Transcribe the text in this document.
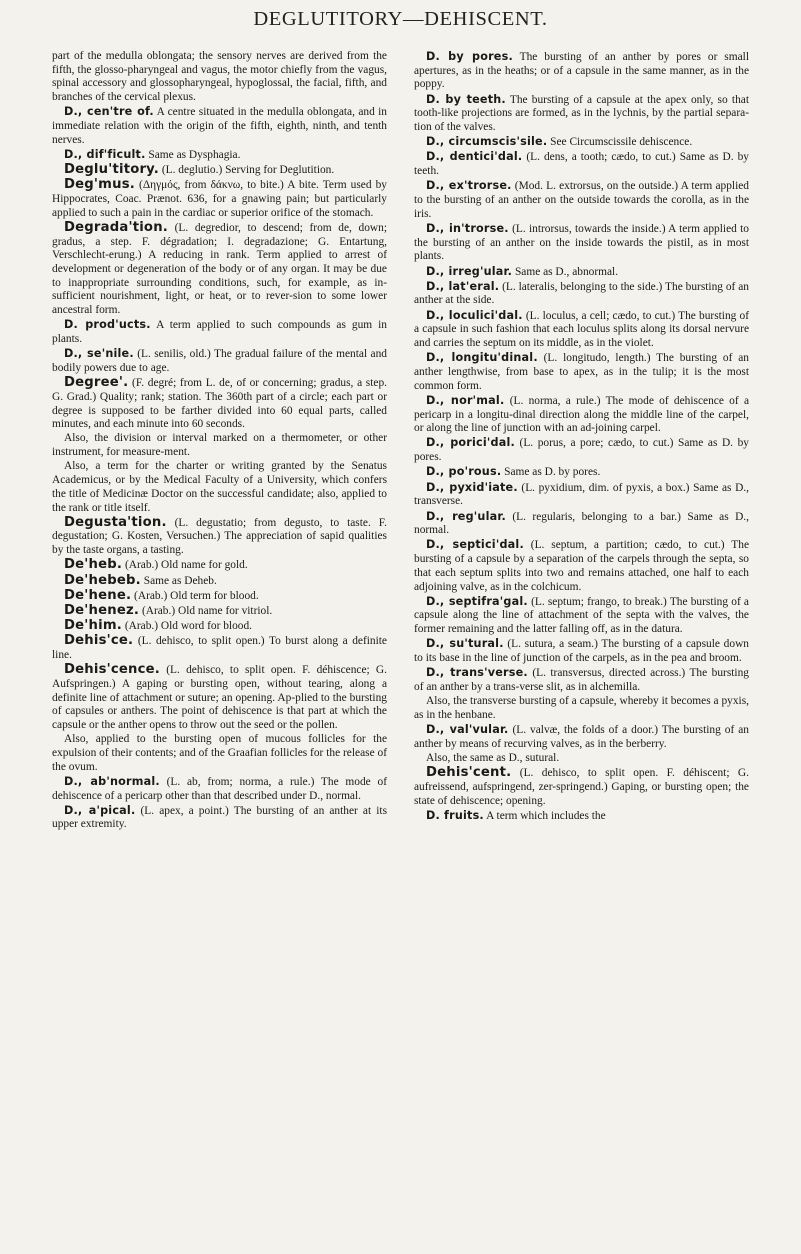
DEGLUTITORY—DEHISCENT.

part of the medulla oblongata; the sensory nerves are derived from the fifth, the glosso-pharyngeal and vagus, the motor chiefly from the vagus, spinal accessory and glossopharyngeal, hypoglossal, the facial, fifth, and branches of the cervical plexus.

D., cen'tre of. A centre situated in the medulla oblongata, and in immediate relation with the origin of the fifth, eighth, ninth, and tenth nerves.

D., dif'ficult. Same as Dysphagia.

Deglu'titory. (L. deglutio.) Serving for Deglutition.

Deg'mus. (Δηγμός, from δάκνω, to bite.) A bite. Term used by Hippocrates, Coac. Prænot. 636, for a gnawing pain; but particularly applied to such a pain in the cardiac or superior orifice of the stomach.

Degrada'tion. (L. degredior, to descend; from de, down; gradus, a step. F. dégradation; I. degradazione; G. Entartung, Verschlecht-erung.) A reducing in rank. Term applied to arrest of development or degeneration of the body or of any organ. It may be due to inappropriate surrounding conditions, such, for example, as in-sufficient nourishment, light, or heat, or to rever-sion to some lower ancestral form.

D. prod'ucts. A term applied to such compounds as gum in plants.

D., se'nile. (L. senilis, old.) The gradual failure of the mental and bodily powers due to age.

Degree'. (F. degré; from L. de, of or concerning; gradus, a step. G. Grad.) Quality; rank; station. The 360th part of a circle; each part or degree is supposed to be farther divided into 60 equal parts, called minutes, and each minute into 60 seconds.

Also, the division or interval marked on a thermometer, or other instrument, for measure-ment.

Also, a term for the charter or writing granted by the Senatus Academicus, or by the Medical Faculty of a University, which confers the title of Medicinæ Doctor on the successful candidate; also, applied to the rank or title itself.

Degusta'tion. (L. degustatio; from degusto, to taste. F. degustation; G. Kosten, Versuchen.) The appreciation of sapid qualities by the taste organs, a tasting.

De'heb. (Arab.) Old name for gold.

De'hebeb. Same as Deheb.

De'hene. (Arab.) Old term for blood.

De'henez. (Arab.) Old name for vitriol.

De'him. (Arab.) Old word for blood.

Dehis'ce. (L. dehisco, to split open.) To burst along a definite line.

Dehis'cence. (L. dehisco, to split open. F. déhiscence; G. Aufspringen.) A gaping or bursting open, without tearing, along a definite line of attachment or suture; an opening. Ap-plied to the bursting of capsules or anthers. The point of dehiscence is that part at which the capsule or the anther opens to throw out the seed or the pollen.

Also, applied to the bursting open of mucous follicles for the expulsion of their contents; and of the Graafian follicles for the release of the ovum.

D., ab'normal. (L. ab, from; norma, a rule.) The mode of dehiscence of a pericarp other than that described under D., normal.

D., a'pical. (L. apex, a point.) The bursting of an anther at its upper extremity.

D. by pores. The bursting of an anther by pores or small apertures, as in the heaths; or of a capsule in the same manner, as in the poppy.

D. by teeth. The bursting of a capsule at the apex only, so that tooth-like projections are formed, as in the lychnis, by the partial separa-tion of the valves.

D., circumscis'sile. See Circumscissile dehiscence.

D., dentici'dal. (L. dens, a tooth; cædo, to cut.) Same as D. by teeth.

D., ex'trorse. (Mod. L. extrorsus, on the outside.) A term applied to the bursting of an anther on the outside towards the corolla, as in the iris.

D., in'trorse. (L. introrsus, towards the inside.) A term applied to the bursting of an anther on the inside towards the pistil, as in most plants.

D., irreg'ular. Same as D., abnormal.

D., lat'eral. (L. lateralis, belonging to the side.) The bursting of an anther at the side.

D., loculici'dal. (L. loculus, a cell; cædo, to cut.) The bursting of a capsule in such fashion that each loculus splits along its dorsal nervure and carries the septum on its middle, as in the violet.

D., longitu'dinal. (L. longitudo, length.) The bursting of an anther lengthwise, from base to apex, as in the tulip; it is the most common form.

D., nor'mal. (L. norma, a rule.) The mode of dehiscence of a pericarp in a longitu-dinal direction along the middle line of the carpel, or along the line of junction with an ad-joining carpel.

D., porici'dal. (L. porus, a pore; cædo, to cut.) Same as D. by pores.

D., po'rous. Same as D. by pores.

D., pyxid'iate. (L. pyxidium, dim. of pyxis, a box.) Same as D., transverse.

D., reg'ular. (L. regularis, belonging to a bar.) Same as D., normal.

D., septici'dal. (L. septum, a partition; cædo, to cut.) The bursting of a capsule by a separation of the carpels through the septa, so that each septum splits into two and remains attached, one half to each adjoining valve, as in the colchicum.

D., septifra'gal. (L. septum; frango, to break.) The bursting of a capsule along the line of attachment of the septa with the valves, the former remaining and the latter falling off, as in the datura.

D., su'tural. (L. sutura, a seam.) The bursting of a capsule down to its base in the line of junction of the carpels, as in the pea and broom.

D., trans'verse. (L. transversus, directed across.) The bursting of an anther by a trans-verse slit, as in alchemilla.

Also, the transverse bursting of a capsule, whereby it becomes a pyxis, as in the henbane.

D., val'vular. (L. valvæ, the folds of a door.) The bursting of an anther by means of recurving valves, as in the berberry.

Also, the same as D., sutural.

Dehis'cent. (L. dehisco, to split open. F. déhiscent; G. aufreissend, aufspringend, zer-springend.) Gaping, or bursting open; the state of dehiscence; opening.

D. fruits. A term which includes the
